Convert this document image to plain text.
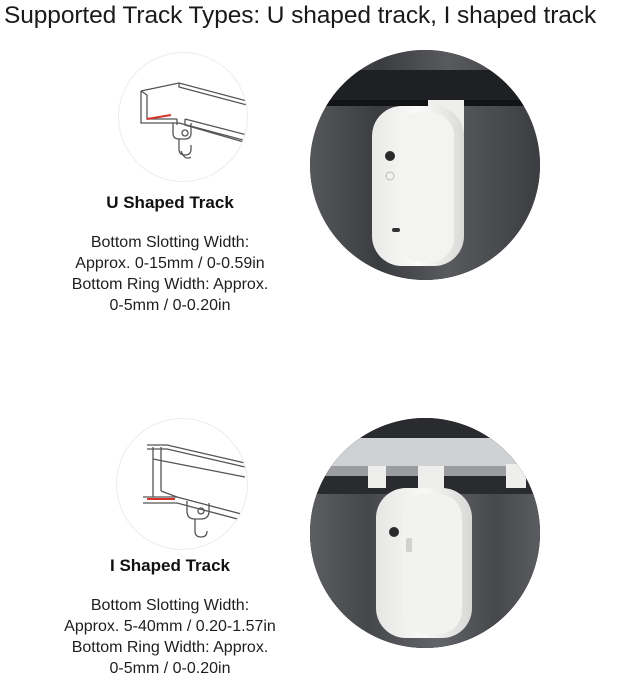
Supported Track Types: U shaped track, I shaped track
U Shaped Track
Bottom Slotting Width:
Approx. 0-15mm / 0-0.59in
Bottom Ring Width: Approx.
0-5mm / 0-0.20in
I Shaped Track
Bottom Slotting Width:
Approx. 5-40mm / 0.20-1.57in
Bottom Ring Width: Approx.
0-5mm / 0-0.20in
